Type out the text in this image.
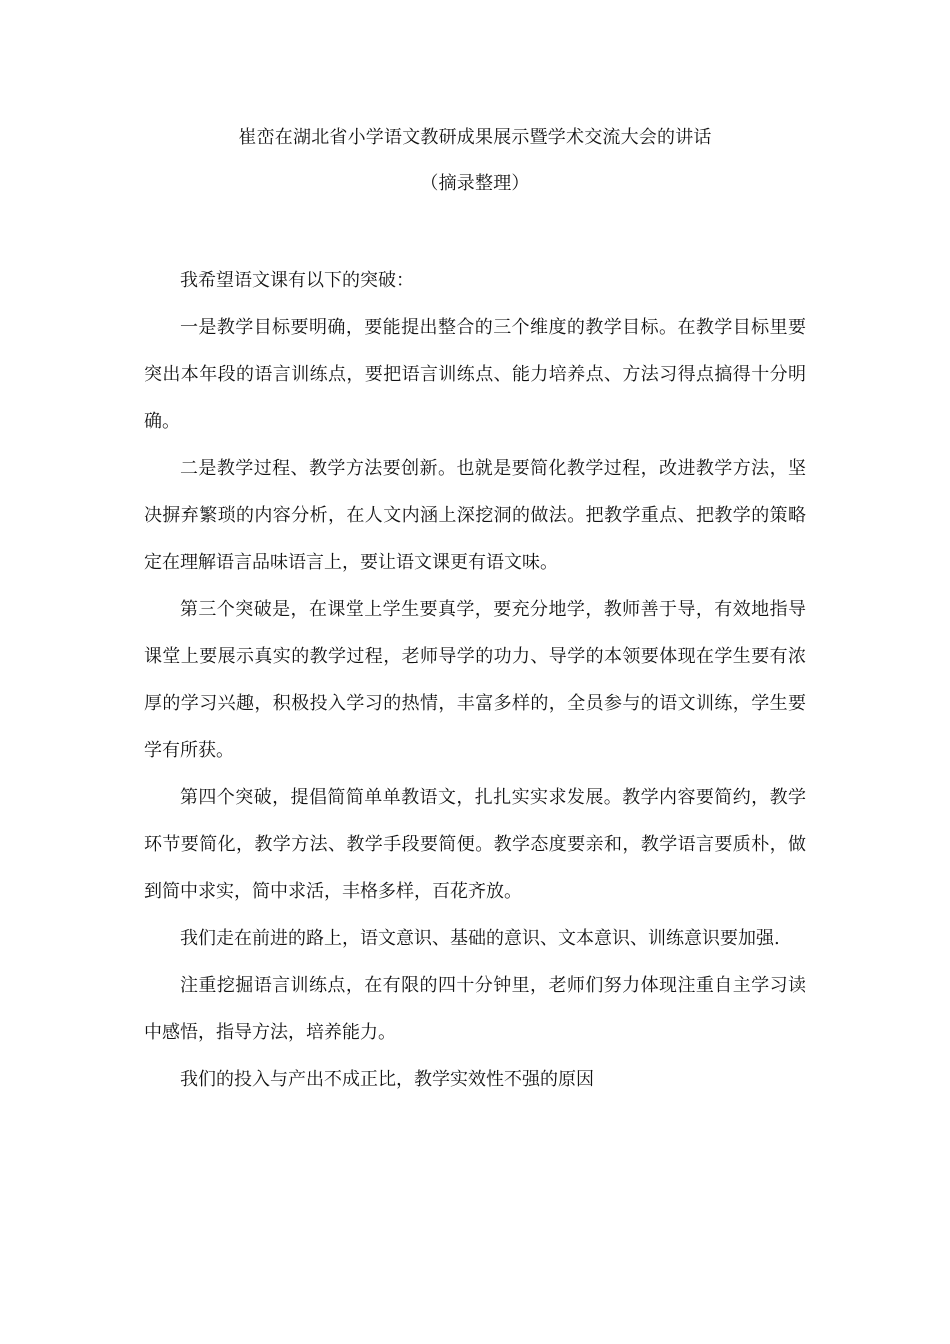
崔峦在湖北省小学语文教研成果展示暨学术交流大会的讲话
（摘录整理）

我希望语文课有以下的突破：

一是教学目标要明确，要能提出整合的三个维度的教学目标。在教学目标里要突出本年段的语言训练点，要把语言训练点、能力培养点、方法习得点搞得十分明确。

二是教学过程、教学方法要创新。也就是要简化教学过程，改进教学方法，坚决摒弃繁琐的内容分析，在人文内涵上深挖洞的做法。把教学重点、把教学的策略定在理解语言品味语言上，要让语文课更有语文味。

第三个突破是，在课堂上学生要真学，要充分地学，教师善于导，有效地指导课堂上要展示真实的教学过程，老师导学的功力、导学的本领要体现在学生要有浓厚的学习兴趣，积极投入学习的热情，丰富多样的，全员参与的语文训练，学生要学有所获。

第四个突破，提倡简简单单教语文，扎扎实实求发展。教学内容要简约，教学环节要简化，教学方法、教学手段要简便。教学态度要亲和，教学语言要质朴，做到简中求实，简中求活，丰格多样，百花齐放。

我们走在前进的路上，语文意识、基础的意识、文本意识、训练意识要加强.

注重挖掘语言训练点，在有限的四十分钟里，老师们努力体现注重自主学习读中感悟，指导方法，培养能力。

我们的投入与产出不成正比，教学实效性不强的原因
